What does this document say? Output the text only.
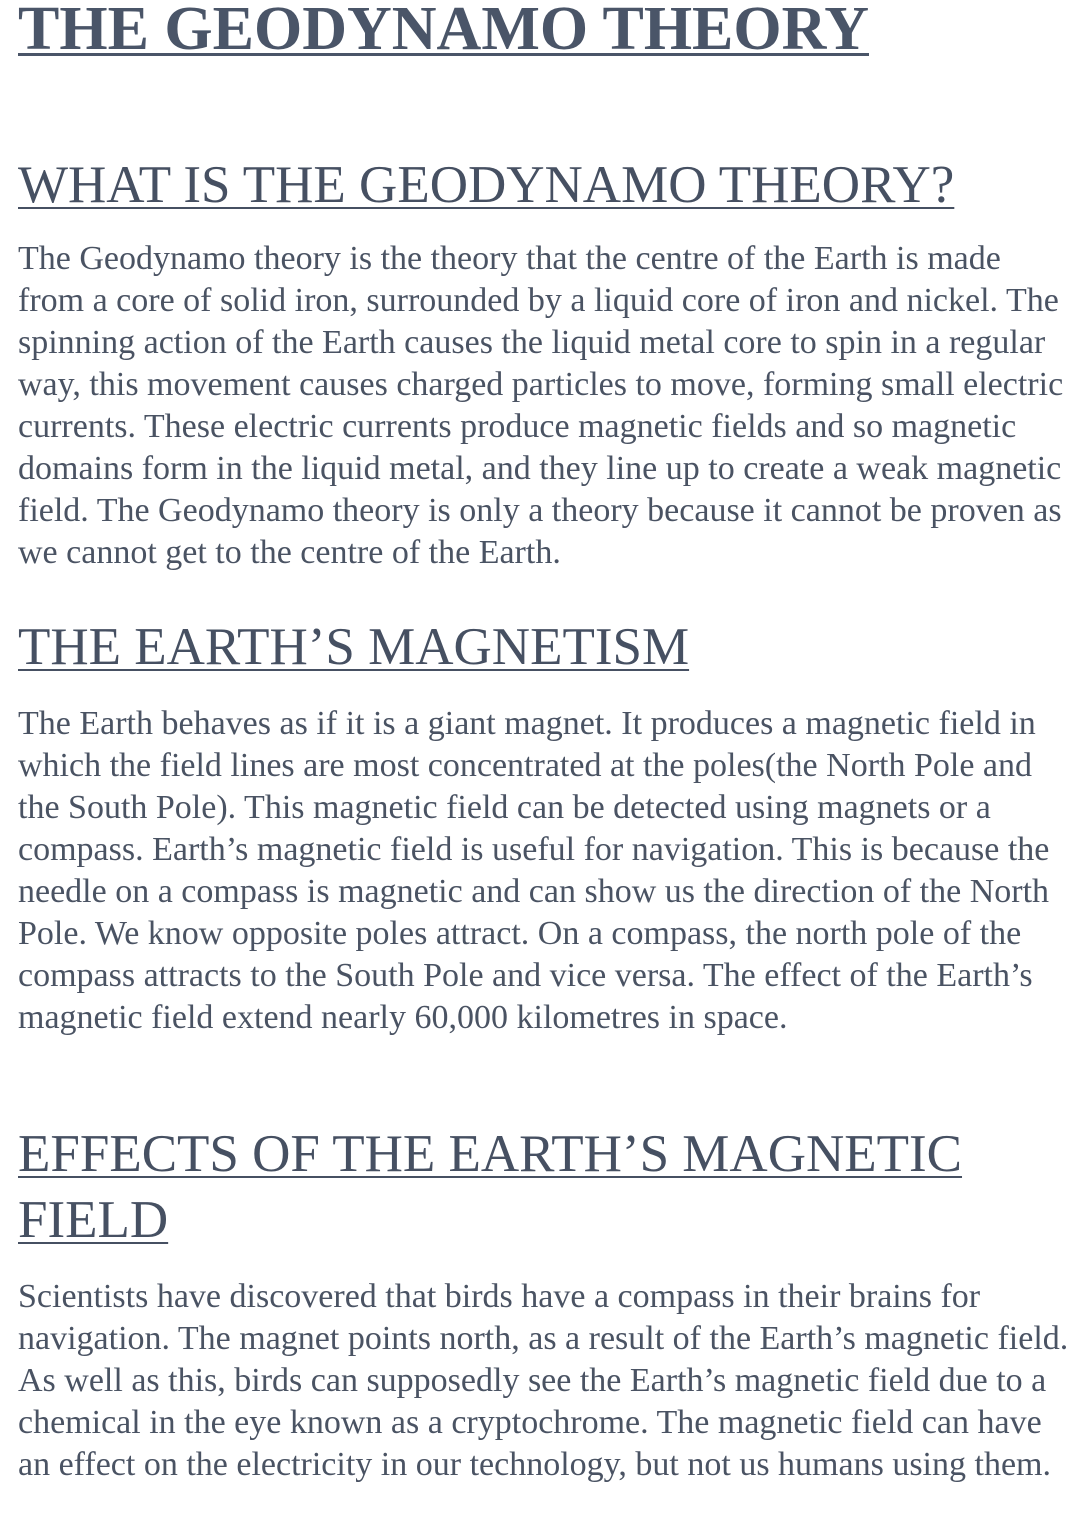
THE GEODYNAMO THEORY
WHAT IS THE GEODYNAMO THEORY?

The Geodynamo theory is the theory that the centre of the Earth is made from a core of solid iron, surrounded by a liquid core of iron and nickel. The spinning action of the Earth causes the liquid metal core to spin in a regular way, this movement causes charged particles to move, forming small electric currents. These electric currents produce magnetic fields and so magnetic domains form in the liquid metal, and they line up to create a weak magnetic field. The Geodynamo theory is only a theory because it cannot be proven as we cannot get to the centre of the Earth.

THE EARTH’S MAGNETISM

The Earth behaves as if it is a giant magnet. It produces a magnetic field in which the field lines are most concentrated at the poles(the North Pole and the South Pole). This magnetic field can be detected using magnets or a compass. Earth’s magnetic field is useful for navigation. This is because the needle on a compass is magnetic and can show us the direction of the North Pole. We know opposite poles attract. On a compass, the north pole of the compass attracts to the South Pole and vice versa. The effect of the Earth’s magnetic field extend nearly 60,000 kilometres in space.

EFFECTS OF THE EARTH’S MAGNETIC FIELD

Scientists have discovered that birds have a compass in their brains for navigation. The magnet points north, as a result of the Earth’s magnetic field. As well as this, birds can supposedly see the Earth’s magnetic field due to a chemical in the eye known as a cryptochrome. The magnetic field can have an effect on the electricity in our technology, but not us humans using them.
